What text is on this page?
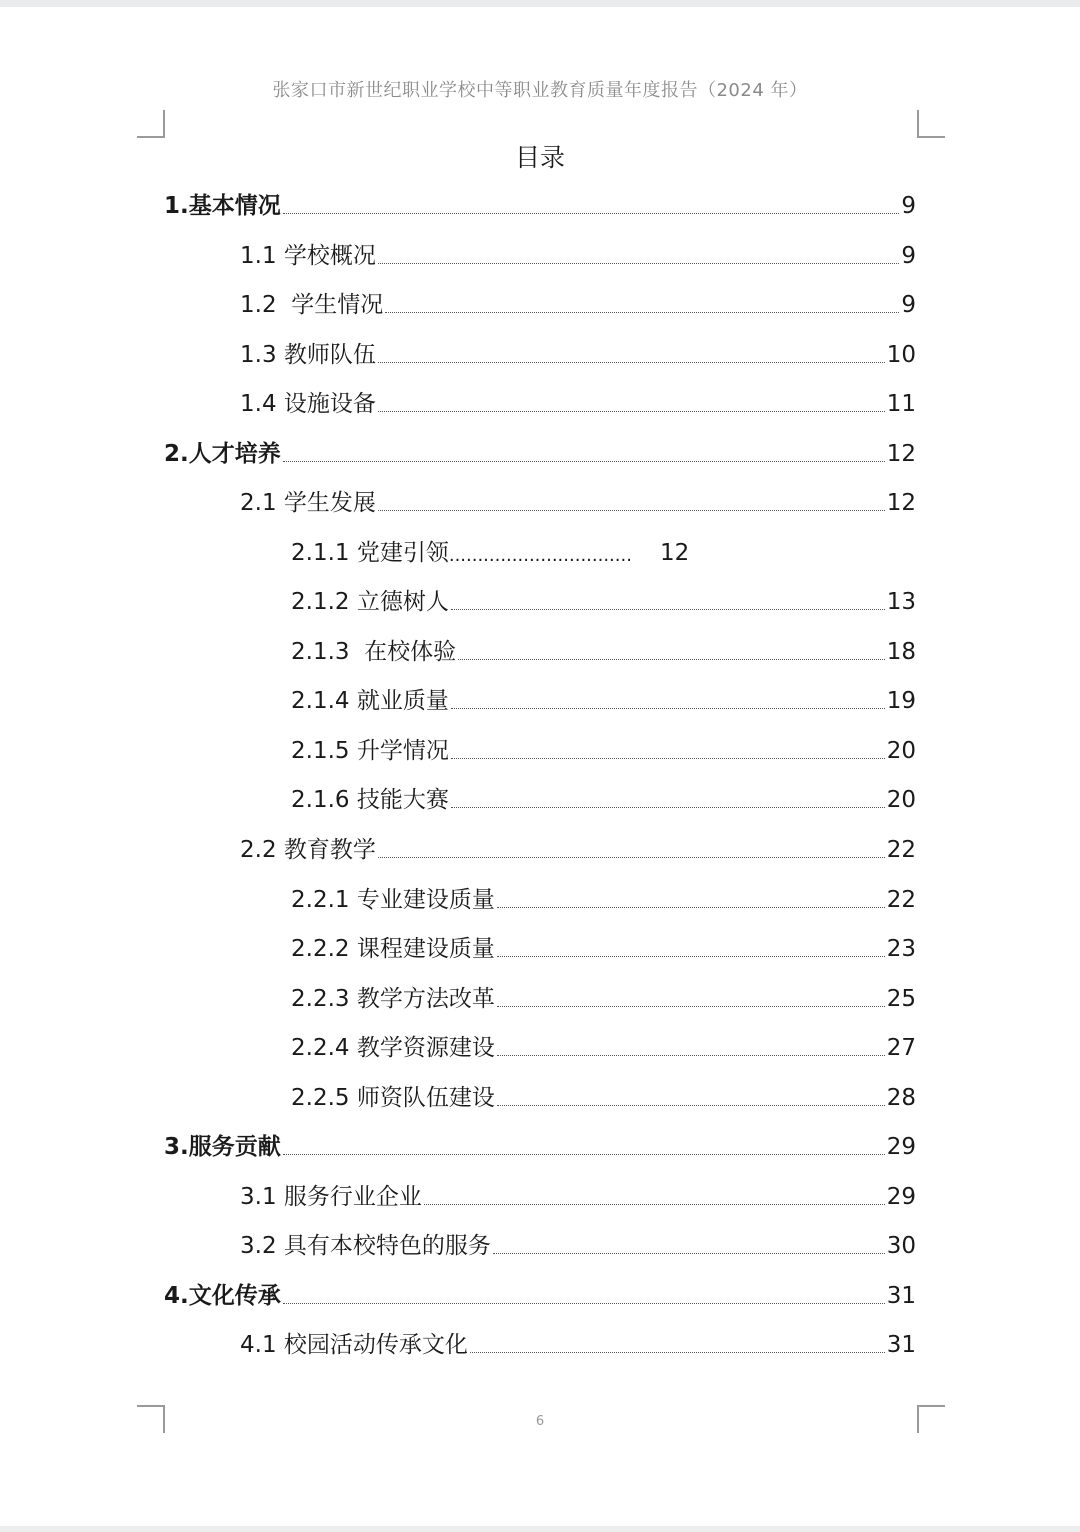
张家口市新世纪职业学校中等职业教育质量年度报告（2024 年）
目录
1.基本情况	9
1.1 学校概况	9
1.2  学生情况	9
1.3 教师队伍	10
1.4 设施设备	11
2.人才培养	12
2.1 学生发展	12
2.1.1 党建引领 ................................ 12
2.1.2 立德树人	13
2.1.3  在校体验	18
2.1.4 就业质量	19
2.1.5 升学情况	20
2.1.6 技能大赛	20
2.2 教育教学	22
2.2.1 专业建设质量	22
2.2.2 课程建设质量	23
2.2.3 教学方法改革	25
2.2.4 教学资源建设	27
2.2.5 师资队伍建设	28
3.服务贡献	29
3.1 服务行业企业	29
3.2 具有本校特色的服务	30
4.文化传承	31
4.1 校园活动传承文化	31
6
